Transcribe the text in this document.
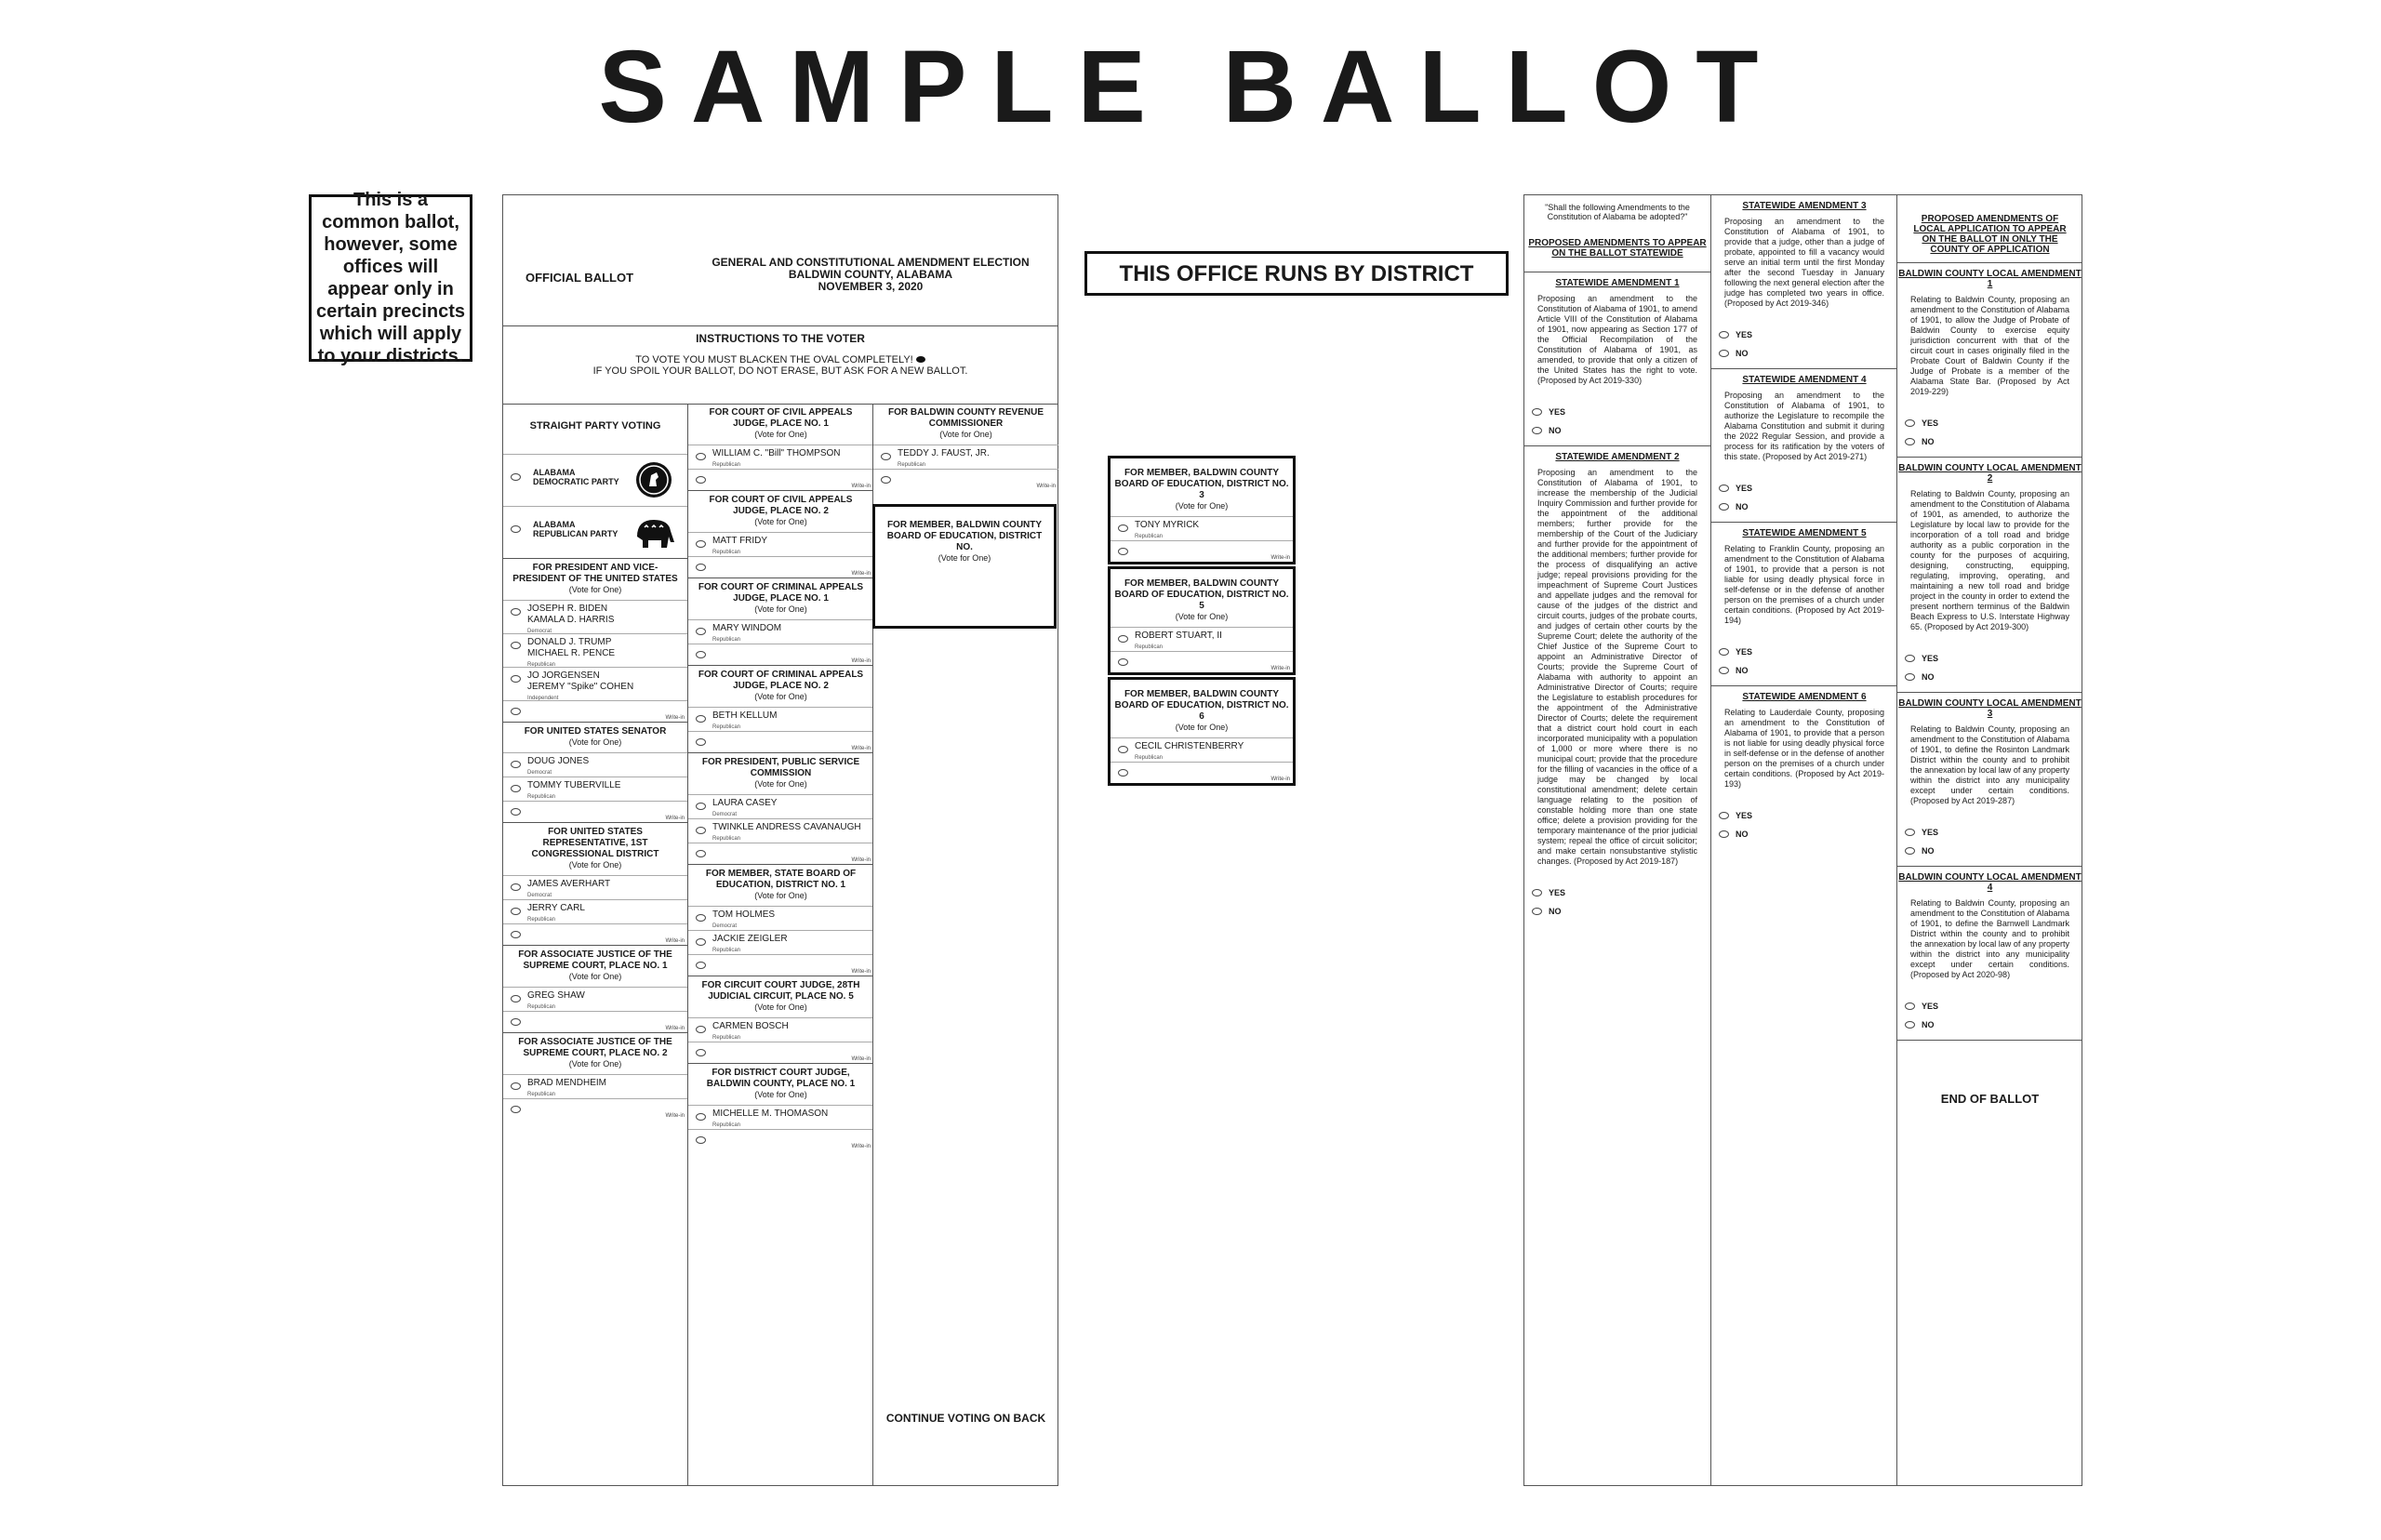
SAMPLE BALLOT
This is a common ballot, however, some offices will appear only in certain precincts which will apply to your districts.
THIS OFFICE RUNS BY DISTRICT
OFFICIAL BALLOT
GENERAL AND CONSTITUTIONAL AMENDMENT ELECTION
BALDWIN COUNTY, ALABAMA
NOVEMBER 3, 2020
INSTRUCTIONS TO THE VOTER
TO VOTE YOU MUST BLACKEN THE OVAL COMPLETELY!
IF YOU SPOIL YOUR BALLOT, DO NOT ERASE, BUT ASK FOR A NEW BALLOT.
STRAIGHT PARTY VOTING
ALABAMA DEMOCRATIC PARTY
ALABAMA REPUBLICAN PARTY
FOR PRESIDENT AND VICE-PRESIDENT OF THE UNITED STATES
(Vote for One)
JOSEPH R. BIDEN
KAMALA D. HARRIS
Democrat
DONALD J. TRUMP
MICHAEL R. PENCE
Republican
JO JORGENSEN
JEREMY "Spike" COHEN
Independent
Write-in
FOR UNITED STATES SENATOR
(Vote for One)
DOUG JONES
Democrat
TOMMY TUBERVILLE
Republican
Write-in
FOR UNITED STATES REPRESENTATIVE, 1ST CONGRESSIONAL DISTRICT
(Vote for One)
JAMES AVERHART
Democrat
JERRY CARL
Republican
Write-in
FOR ASSOCIATE JUSTICE OF THE SUPREME COURT, PLACE NO. 1
(Vote for One)
GREG SHAW
Republican
Write-in
FOR ASSOCIATE JUSTICE OF THE SUPREME COURT, PLACE NO. 2
(Vote for One)
BRAD MENDHEIM
Republican
Write-in
FOR COURT OF CIVIL APPEALS JUDGE, PLACE NO. 1
(Vote for One)
WILLIAM C. "Bill" THOMPSON
Republican
Write-in
FOR COURT OF CIVIL APPEALS JUDGE, PLACE NO. 2
(Vote for One)
MATT FRIDY
Republican
Write-in
FOR COURT OF CRIMINAL APPEALS JUDGE, PLACE NO. 1
(Vote for One)
MARY WINDOM
Republican
Write-in
FOR COURT OF CRIMINAL APPEALS JUDGE, PLACE NO. 2
(Vote for One)
BETH KELLUM
Republican
Write-in
FOR PRESIDENT, PUBLIC SERVICE COMMISSION
(Vote for One)
LAURA CASEY
Democrat
TWINKLE ANDRESS CAVANAUGH
Republican
Write-in
FOR MEMBER, STATE BOARD OF EDUCATION, DISTRICT NO. 1
(Vote for One)
TOM HOLMES
Democrat
JACKIE ZEIGLER
Republican
Write-in
FOR CIRCUIT COURT JUDGE, 28TH JUDICIAL CIRCUIT, PLACE NO. 5
(Vote for One)
CARMEN BOSCH
Republican
Write-in
FOR DISTRICT COURT JUDGE, BALDWIN COUNTY, PLACE NO. 1
(Vote for One)
MICHELLE M. THOMASON
Republican
Write-in
FOR BALDWIN COUNTY REVENUE COMMISSIONER
(Vote for One)
TEDDY J. FAUST, JR.
Republican
Write-in
FOR MEMBER, BALDWIN COUNTY BOARD OF EDUCATION, DISTRICT NO.
(Vote for One)
CONTINUE VOTING ON BACK
FOR MEMBER, BALDWIN COUNTY BOARD OF EDUCATION, DISTRICT NO. 3
(Vote for One)
TONY MYRICK
Republican
Write-in
FOR MEMBER, BALDWIN COUNTY BOARD OF EDUCATION, DISTRICT NO. 5
(Vote for One)
ROBERT STUART, II
Republican
Write-in
FOR MEMBER, BALDWIN COUNTY BOARD OF EDUCATION, DISTRICT NO. 6
(Vote for One)
CECIL CHRISTENBERRY
Republican
Write-in
"Shall the following Amendments to the Constitution of Alabama be adopted?"
PROPOSED AMENDMENTS TO APPEAR ON THE BALLOT STATEWIDE
STATEWIDE AMENDMENT 1
Proposing an amendment to the Constitution of Alabama of 1901, to amend Article VIII of the Constitution of Alabama of 1901, now appearing as Section 177 of the Official Recompilation of the Constitution of Alabama of 1901, as amended, to provide that only a citizen of the United States has the right to vote. (Proposed by Act 2019-330)
YES
NO
STATEWIDE AMENDMENT 2
Proposing an amendment to the Constitution of Alabama of 1901, to increase the membership of the Judicial Inquiry Commission and further provide for the appointment of the additional members; further provide for the membership of the Court of the Judiciary and further provide for the appointment of the additional members; further provide for the process of disqualifying an active judge; repeal provisions providing for the impeachment of Supreme Court Justices and appellate judges and the removal for cause of the judges of the district and circuit courts, judges of the probate courts, and judges of certain other courts by the Supreme Court; delete the authority of the Chief Justice of the Supreme Court to appoint an Administrative Director of Courts; provide the Supreme Court of Alabama with authority to appoint an Administrative Director of Courts; require the Legislature to establish procedures for the appointment of the Administrative Director of Courts; delete the requirement that a district court hold court in each incorporated municipality with a population of 1,000 or more where there is no municipal court; provide that the procedure for the filling of vacancies in the office of a judge may be changed by local constitutional amendment; delete certain language relating to the position of constable holding more than one state office; delete a provision providing for the temporary maintenance of the prior judicial system; repeal the office of circuit solicitor; and make certain nonsubstantive stylistic changes. (Proposed by Act 2019-187)
YES
NO
STATEWIDE AMENDMENT 3
Proposing an amendment to the Constitution of Alabama of 1901, to provide that a judge, other than a judge of probate, appointed to fill a vacancy would serve an initial term until the first Monday after the second Tuesday in January following the next general election after the judge has completed two years in office. (Proposed by Act 2019-346)
YES
NO
STATEWIDE AMENDMENT 4
Proposing an amendment to the Constitution of Alabama of 1901, to authorize the Legislature to recompile the Alabama Constitution and submit it during the 2022 Regular Session, and provide a process for its ratification by the voters of this state. (Proposed by Act 2019-271)
YES
NO
STATEWIDE AMENDMENT 5
Relating to Franklin County, proposing an amendment to the Constitution of Alabama of 1901, to provide that a person is not liable for using deadly physical force in self-defense or in the defense of another person on the premises of a church under certain conditions. (Proposed by Act 2019-194)
YES
NO
STATEWIDE AMENDMENT 6
Relating to Lauderdale County, proposing an amendment to the Constitution of Alabama of 1901, to provide that a person is not liable for using deadly physical force in self-defense or in the defense of another person on the premises of a church under certain conditions. (Proposed by Act 2019-193)
YES
NO
PROPOSED AMENDMENTS OF LOCAL APPLICATION TO APPEAR ON THE BALLOT IN ONLY THE COUNTY OF APPLICATION
BALDWIN COUNTY LOCAL AMENDMENT 1
Relating to Baldwin County, proposing an amendment to the Constitution of Alabama of 1901, to allow the Judge of Probate of Baldwin County to exercise equity jurisdiction concurrent with that of the circuit court in cases originally filed in the Probate Court of Baldwin County if the Judge of Probate is a member of the Alabama State Bar. (Proposed by Act 2019-229)
YES
NO
BALDWIN COUNTY LOCAL AMENDMENT 2
Relating to Baldwin County, proposing an amendment to the Constitution of Alabama of 1901, as amended, to authorize the Legislature by local law to provide for the incorporation of a toll road and bridge authority as a public corporation in the county for the purposes of acquiring, designing, constructing, equipping, regulating, improving, operating, and maintaining a new toll road and bridge project in the county in order to extend the present northern terminus of the Baldwin Beach Express to U.S. Interstate Highway 65. (Proposed by Act 2019-300)
YES
NO
BALDWIN COUNTY LOCAL AMENDMENT 3
Relating to Baldwin County, proposing an amendment to the Constitution of Alabama of 1901, to define the Rosinton Landmark District within the county and to prohibit the annexation by local law of any property within the district into any municipality except under certain conditions. (Proposed by Act 2019-287)
YES
NO
BALDWIN COUNTY LOCAL AMENDMENT 4
Relating to Baldwin County, proposing an amendment to the Constitution of Alabama of 1901, to define the Barnwell Landmark District within the county and to prohibit the annexation by local law of any property within the district into any municipality except under certain conditions. (Proposed by Act 2020-98)
YES
NO
END OF BALLOT
